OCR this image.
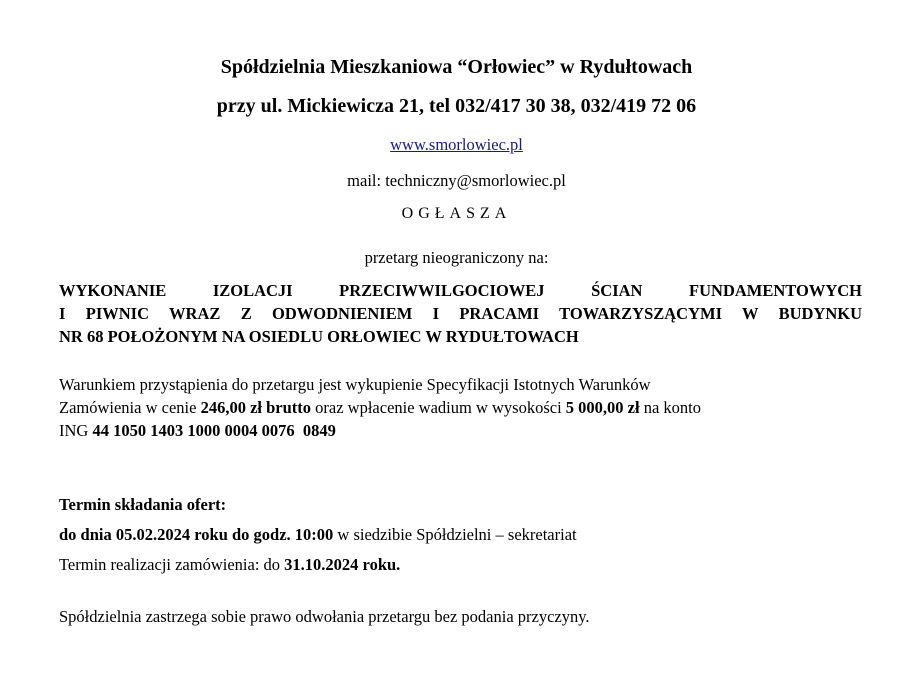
Spółdzielnia Mieszkaniowa “Orłowiec” w Rydułtowach
przy ul. Mickiewicza 21, tel 032/417 30 38, 032/419 72 06
www.smorlowiec.pl
mail: techniczny@smorlowiec.pl
OGŁASZA
przetarg nieograniczony na:
WYKONANIE IZOLACJI PRZECIWWILGOCIOWEJ ŚCIAN FUNDAMENTOWYCH
I PIWNIC WRAZ Z ODWODNIENIEM I PRACAMI TOWARZYSZĄCYMI W BUDYNKU
NR 68 POŁOŻONYM NA OSIEDLU ORŁOWIEC W RYDUŁTOWACH
Warunkiem przystąpienia do przetargu jest wykupienie Specyfikacji Istotnych Warunków
Zamówienia w cenie 246,00 zł brutto oraz wpłacenie wadium w wysokości 5 000,00 zł na konto
ING 44 1050 1403 1000 0004 0076  0849
Termin składania ofert:
do dnia 05.02.2024 roku do godz. 10:00 w siedzibie Spółdzielni – sekretariat
Termin realizacji zamówienia: do 31.10.2024 roku.
Spółdzielnia zastrzega sobie prawo odwołania przetargu bez podania przyczyny.
